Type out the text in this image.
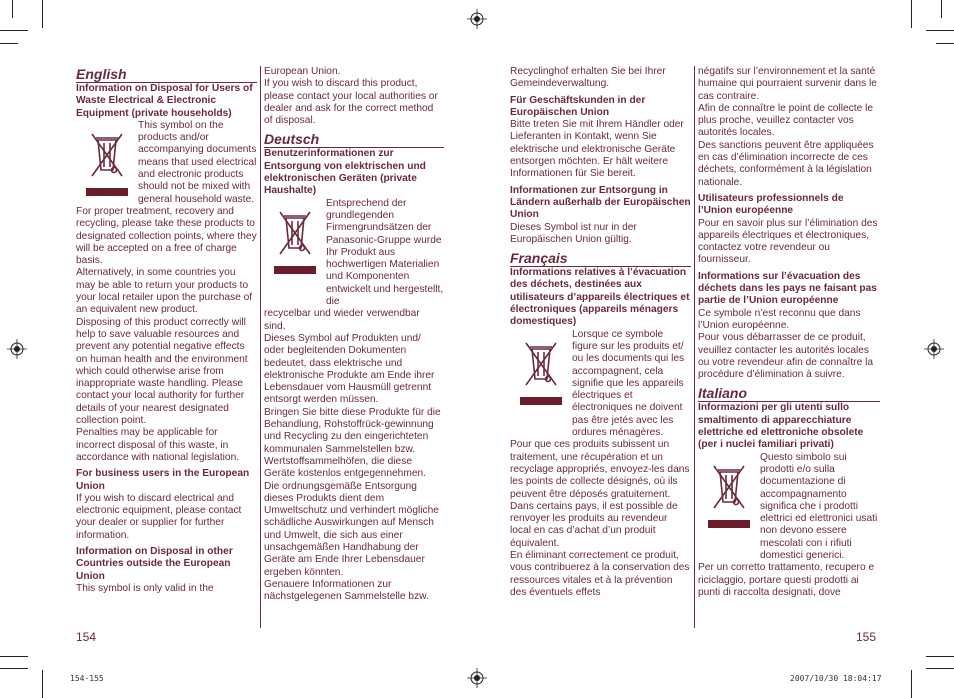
English

Information on Disposal for Users of Waste Electrical & Electronic Equipment (private households)

This symbol on the products and/or accompanying documents means that used electrical and electronic products should not be mixed with general household waste.

For proper treatment, recovery and recycling, please take these products to designated collection points, where they will be accepted on a free of charge basis.

Alternatively, in some countries you may be able to return your products to your local retailer upon the purchase of an equivalent new product.

Disposing of this product correctly will help to save valuable resources and prevent any potential negative effects on human health and the environment which could otherwise arise from inappropriate waste handling. Please contact your local authority for further details of your nearest designated collection point.

Penalties may be applicable for incorrect disposal of this waste, in accordance with national legislation.

For business users in the European Union

If you wish to discard electrical and electronic equipment, please contact your dealer or supplier for further information.

Information on Disposal in other Countries outside the European Union

This symbol is only valid in the

European Union.

If you wish to discard this product, please contact your local authorities or dealer and ask for the correct method of disposal.

Deutsch

Benutzerinformationen zur Entsorgung von elektrischen und elektronischen Geräten (private Haushalte)

Entsprechend der grundlegenden Firmengrundsätzen der Panasonic-Gruppe wurde Ihr Produkt aus hochwertigen Materialien und Komponenten entwickelt und hergestellt, die

recycelbar und wieder verwendbar sind.

Dieses Symbol auf Produkten und/ oder begleitenden Dokumenten bedeutet, dass elektrische und elektronische Produkte am Ende ihrer Lebensdauer vom Hausmüll getrennt entsorgt werden müssen.

Bringen Sie bitte diese Produkte für die Behandlung, Rohstoffrück-gewinnung und Recycling zu den eingerichteten kommunalen Sammelstellen bzw. Wertstoffsammelhöfen, die diese Geräte kostenlos entgegennehmen.

Die ordnungsgemäße Entsorgung dieses Produkts dient dem Umweltschutz und verhindert mögliche schädliche Auswirkungen auf Mensch und Umwelt, die sich aus einer unsachgemäßen Handhabung der Geräte am Ende Ihrer Lebensdauer ergeben könnten.

Genauere Informationen zur nächstgelegenen Sammelstelle bzw.

Recyclinghof erhalten Sie bei Ihrer Gemeindeverwaltung.

Für Geschäftskunden in der Europäischen Union

Bitte treten Sie mit Ihrem Händler oder Lieferanten in Kontakt, wenn Sie elektrische und elektronische Geräte entsorgen möchten. Er hält weitere Informationen für Sie bereit.

Informationen zur Entsorgung in Ländern außerhalb der Europäischen Union

Dieses Symbol ist nur in der Europäischen Union gültig.

Français

Informations relatives à l’évacuation des déchets, destinées aux utilisateurs d’appareils électriques et électroniques (appareils ménagers domestiques)

Lorsque ce symbole figure sur les produits et/ ou les documents qui les accompagnent, cela signifie que les appareils électriques et électroniques ne doivent pas être jetés avec les ordures ménagères.

Pour que ces produits subissent un traitement, une récupération et un recyclage appropriés, envoyez-les dans les points de collecte désignés, où ils peuvent être déposés gratuitement.

Dans certains pays, il est possible de renvoyer les produits au revendeur local en cas d’achat d’un produit équivalent.

En éliminant correctement ce produit, vous contribuerez à la conservation des ressources vitales et à la prévention des éventuels effets

négatifs sur l’environnement et la santé humaine qui pourraient survenir dans le cas contraire.

Afin de connaître le point de collecte le plus proche, veuillez contacter vos autorités locales.

Des sanctions peuvent être appliquées en cas d’élimination incorrecte de ces déchets, conformément à la législation nationale.

Utilisateurs professionnels de l’Union européenne

Pour en savoir plus sur l’élimination des appareils électriques et électroniques, contactez votre revendeur ou fournisseur.

Informations sur l’évacuation des déchets dans les pays ne faisant pas partie de l’Union européenne

Ce symbole n’est reconnu que dans l’Union européenne.

Pour vous débarrasser de ce produit, veuillez contacter les autorités locales ou votre revendeur afin de connaître la procédure d’élimination à suivre.

Italiano

Informazioni per gli utenti sullo smaltimento di apparecchiature elettriche ed elettroniche obsolete (per i nuclei familiari privati)

Questo simbolo sui prodotti e/o sulla documentazione di accompagnamento significa che i prodotti elettrici ed elettronici usati non devono essere mescolati con i rifiuti domestici generici.

Per un corretto trattamento, recupero e riciclaggio, portare questi prodotti ai punti di raccolta designati, dove

154	155
154-155	2007/10/30 18:04:17
